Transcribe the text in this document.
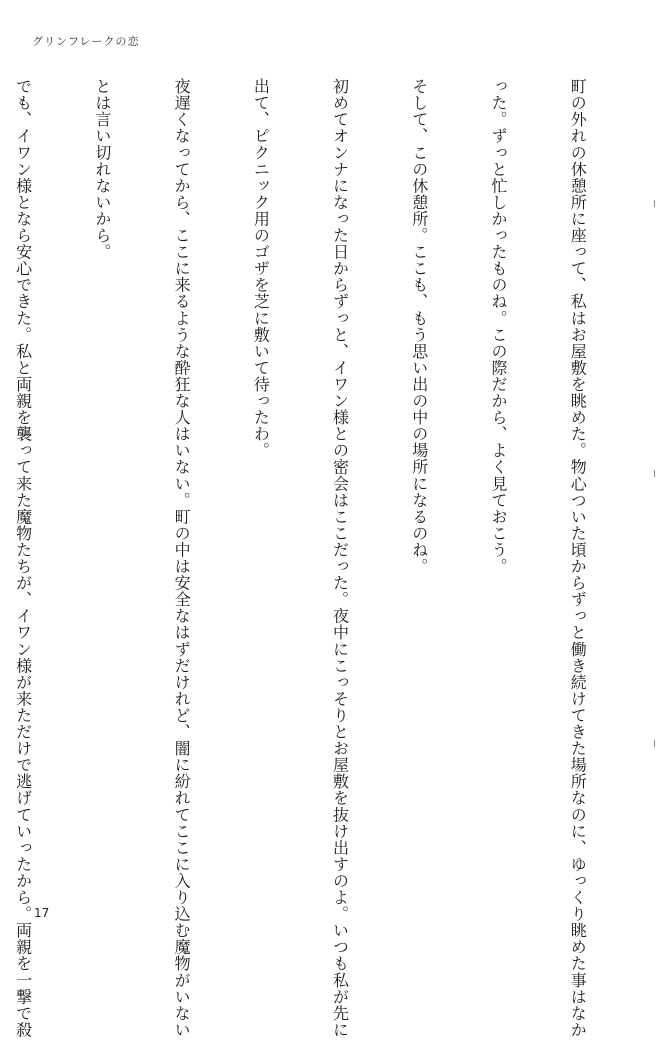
グリンフレークの恋

町の外れの休憩所に座って、私はお屋敷を眺めた。物心ついた頃からずっと働き続けてきた場所なのに、ゆっくり眺めた事はなか

った。ずっと忙しかったものね。この際だから、よく見ておこう。

そして、この休憩所。ここも、もう思い出の中の場所になるのね。

初めてオンナになった日からずっと、イワン様との密会はここだった。夜中にこっそりとお屋敷を抜け出すのよ。いつも私が先に

出て、ピクニック用のゴザを芝に敷いて待ったわ。

夜遅くなってから、ここに来るような酔狂な人はいない。町の中は安全なはずだけれど、闇に紛れてここに入り込む魔物がいない

とは言い切れないから。

でも、イワン様となら安心できた。私と両親を襲って来た魔物たちが、イワン様が来ただけで逃げていったから。両親を一撃で殺

17
